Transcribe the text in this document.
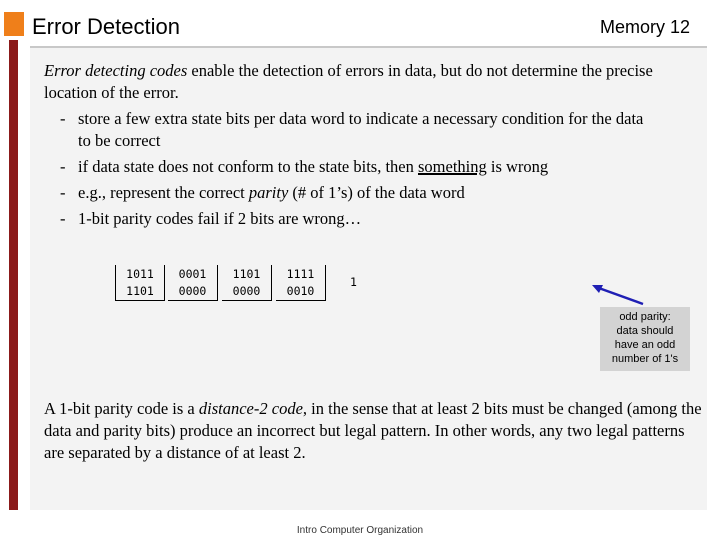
Error Detection	Memory 12
Error detecting codes enable the detection of errors in data, but do not determine the precise location of the error.
- store a few extra state bits per data word to indicate a necessary condition for the data
to be correct
- if data state does not conform to the state bits, then something is wrong
- e.g., represent the correct parity (# of 1’s) of the data word
- 1-bit parity codes fail if 2 bits are wrong…
1011
1101
0001
0000
1101
0000
1111
0010
1
odd parity:
data should
have an odd
number of 1's
A 1-bit parity code is a distance-2 code, in the sense that at least 2 bits must be changed (among the data and parity bits) produce an incorrect but legal pattern. In other words, any two legal patterns are separated by a distance of at least 2.
Intro Computer Organization
